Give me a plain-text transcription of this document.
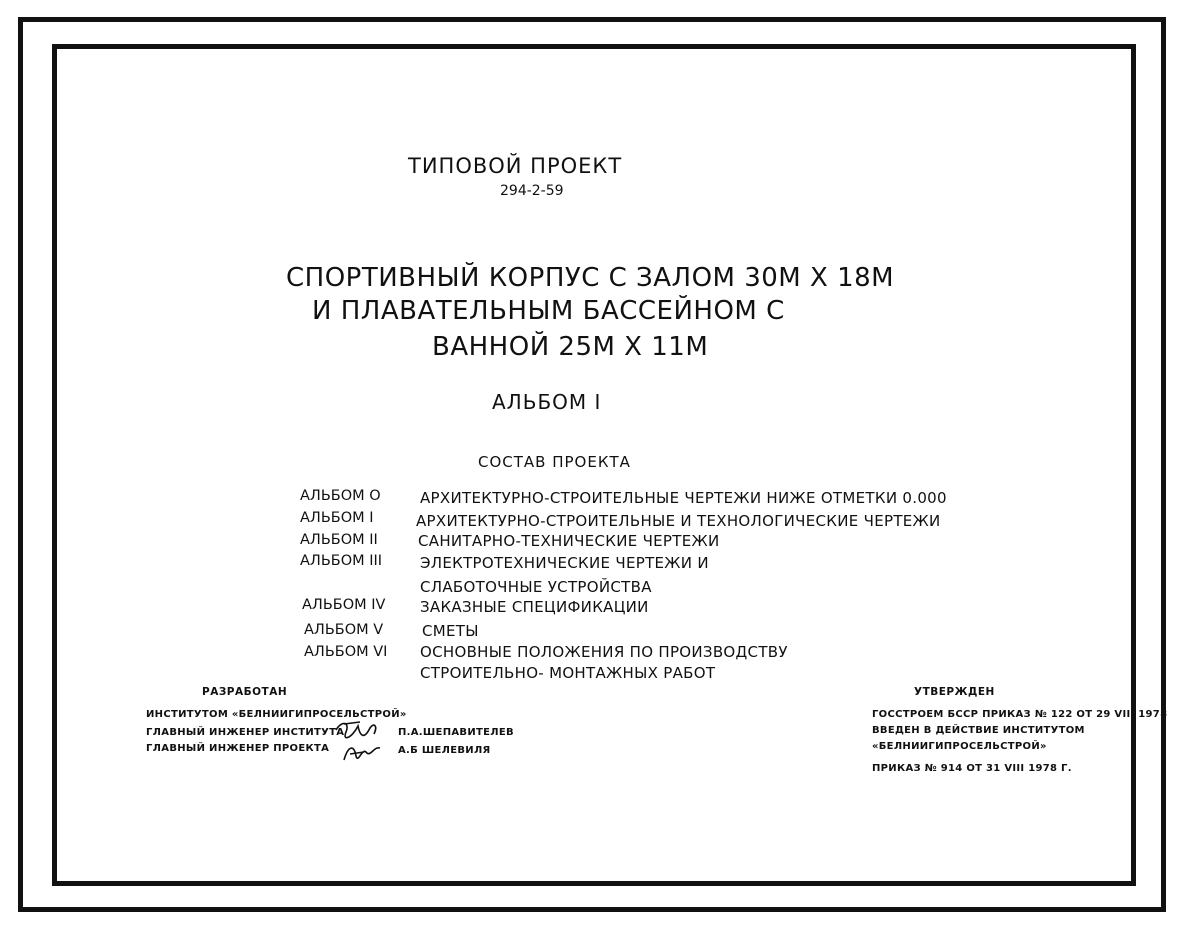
ТИПОВОЙ ПРОЕКТ
294-2-59
СПОРТИВНЫЙ КОРПУС С ЗАЛОМ 30М Х 18М
И ПЛАВАТЕЛЬНЫМ БАССЕЙНОМ С
ВАННОЙ 25М Х 11М
АЛЬБОМ I
СОСТАВ ПРОЕКТА
АЛЬБОМ О	АРХИТЕКТУРНО-СТРОИТЕЛЬНЫЕ ЧЕРТЕЖИ НИЖЕ ОТМЕТКИ 0.000
АЛЬБОМ I	АРХИТЕКТУРНО-СТРОИТЕЛЬНЫЕ И ТЕХНОЛОГИЧЕСКИЕ ЧЕРТЕЖИ
АЛЬБОМ II	САНИТАРНО-ТЕХНИЧЕСКИЕ ЧЕРТЕЖИ
АЛЬБОМ III	ЭЛЕКТРОТЕХНИЧЕСКИЕ ЧЕРТЕЖИ И
СЛАБОТОЧНЫЕ УСТРОЙСТВА
АЛЬБОМ IV ЗАКАЗНЫЕ СПЕЦИФИКАЦИИ
АЛЬБОМ V	СМЕТЫ
АЛЬБОМ VI ОСНОВНЫЕ ПОЛОЖЕНИЯ ПО ПРОИЗВОДСТВУ
СТРОИТЕЛЬНО- МОНТАЖНЫХ РАБОТ
РАЗРАБОТАН
ИНСТИТУТОМ «БЕЛНИИГИПРОСЕЛЬСТРОЙ»
ГЛАВНЫЙ ИНЖЕНЕР ИНСТИТУТА	П.А.ШЕПАВИТЕЛЕВ
ГЛАВНЫЙ ИНЖЕНЕР ПРОЕКТА	А.Б ШЕЛЕВИЛЯ
УТВЕРЖДЕН
ГОССТРОЕМ БССР ПРИКАЗ № 122 ОТ 29 VIII 1978
ВВЕДЕН В ДЕЙСТВИЕ ИНСТИТУТОМ
«БЕЛНИИГИПРОСЕЛЬСТРОЙ»
ПРИКАЗ № 914 ОТ 31 VIII 1978 Г.
